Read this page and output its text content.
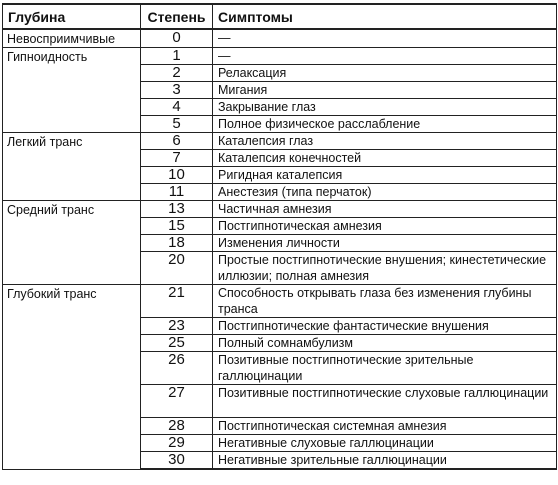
Глубина	Степень	Симптомы
Невосприимчивые	0	—
Гипноидность	1	—
	2	Релаксация
	3	Мигания
	4	Закрывание глаз
	5	Полное физическое расслабление
Легкий транс	6	Каталепсия глаз
	7	Каталепсия конечностей
	10	Ригидная каталепсия
	11	Анестезия (типа перчаток)
Средний транс	13	Частичная амнезия
	15	Постгипнотическая амнезия
	18	Изменения личности
	20	Простые постгипнотические внушения; кинестетические иллюзии; полная амнезия
Глубокий транс	21	Способность открывать глаза без изменения глубины транса
	23	Постгипнотические фантастические внушения
	25	Полный сомнамбулизм
	26	Позитивные постгипнотические зрительные галлюцинации
	27	Позитивные постгипнотические слуховые галлюцинации
	28	Постгипнотическая системная амнезия
	29	Негативные слуховые галлюцинации
	30	Негативные зрительные галлюцинации
